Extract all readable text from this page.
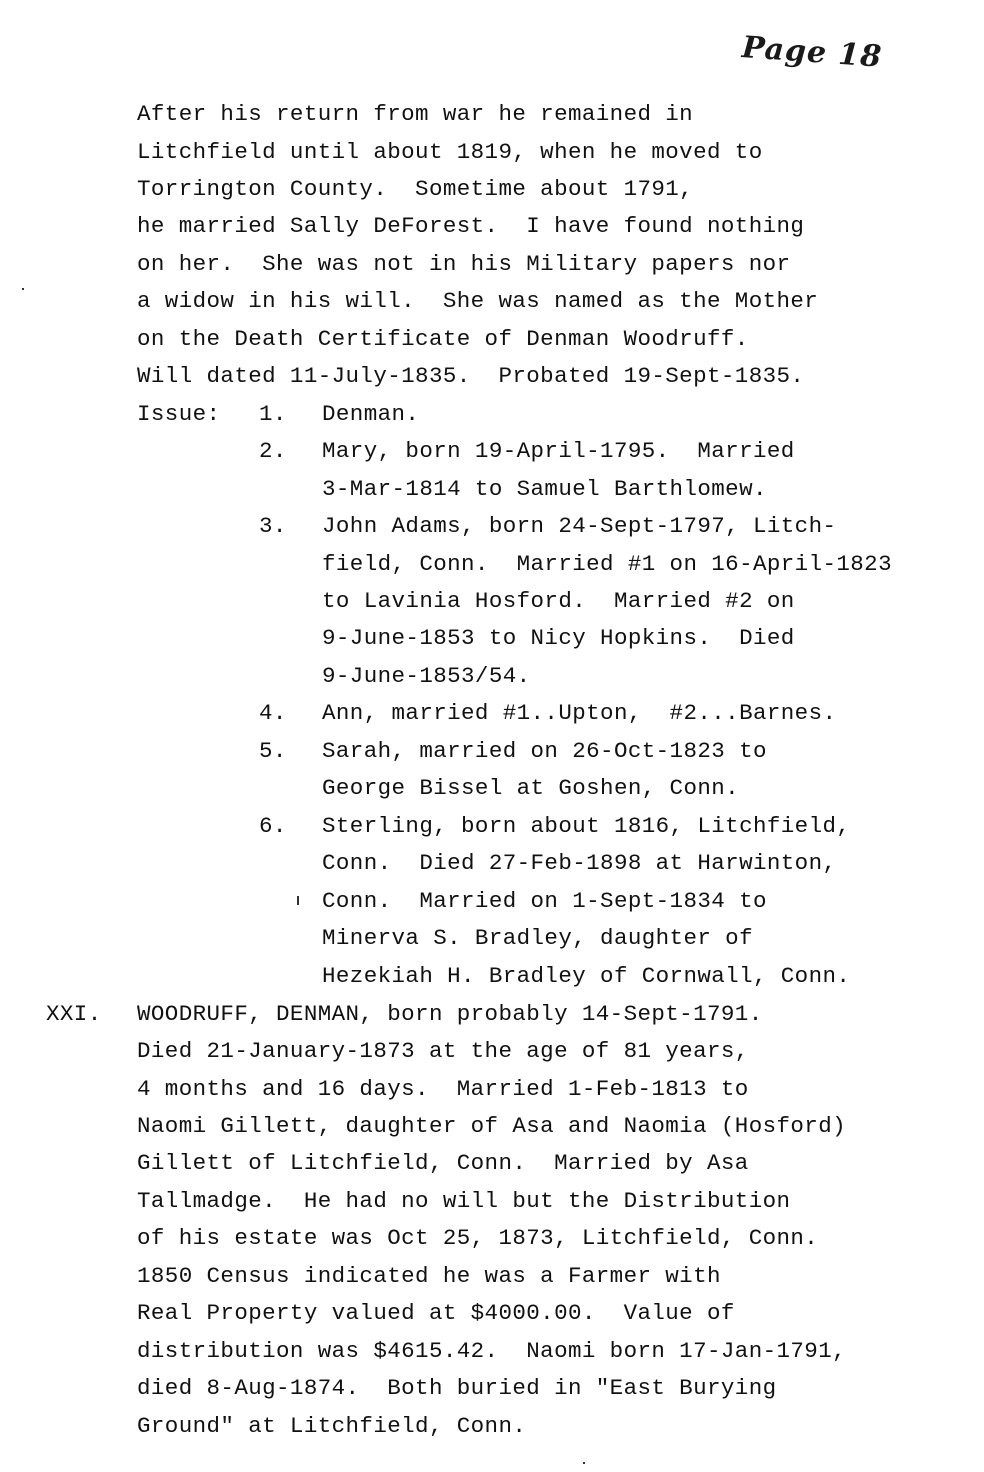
Page 18
After his return from war he remained in
Litchfield until about 1819, when he moved to
Torrington County.  Sometime about 1791,
he married Sally DeForest.  I have found nothing
on her.  She was not in his Military papers nor
a widow in his will.  She was named as the Mother
on the Death Certificate of Denman Woodruff.
Will dated 11-July-1835.  Probated 19-Sept-1835.
Issue: 1. Denman.
2. Mary, born 19-April-1795.  Married
3-Mar-1814 to Samuel Barthlomew.
3. John Adams, born 24-Sept-1797, Litch-
field, Conn.  Married #1 on 16-April-1823
to Lavinia Hosford.  Married #2 on
9-June-1853 to Nicy Hopkins.  Died
9-June-1853/54.
4. Ann, married #1..Upton,  #2...Barnes.
5. Sarah, married on 26-Oct-1823 to
George Bissel at Goshen, Conn.
6. Sterling, born about 1816, Litchfield,
Conn.  Died 27-Feb-1898 at Harwinton,
Conn.  Married on 1-Sept-1834 to
Minerva S. Bradley, daughter of
Hezekiah H. Bradley of Cornwall, Conn.
XXI. WOODRUFF, DENMAN, born probably 14-Sept-1791.
Died 21-January-1873 at the age of 81 years,
4 months and 16 days.  Married 1-Feb-1813 to
Naomi Gillett, daughter of Asa and Naomia (Hosford)
Gillett of Litchfield, Conn.  Married by Asa
Tallmadge.  He had no will but the Distribution
of his estate was Oct 25, 1873, Litchfield, Conn.
1850 Census indicated he was a Farmer with
Real Property valued at $4000.00.  Value of
distribution was $4615.42.  Naomi born 17-Jan-1791,
died 8-Aug-1874.  Both buried in "East Burying
Ground" at Litchfield, Conn.
